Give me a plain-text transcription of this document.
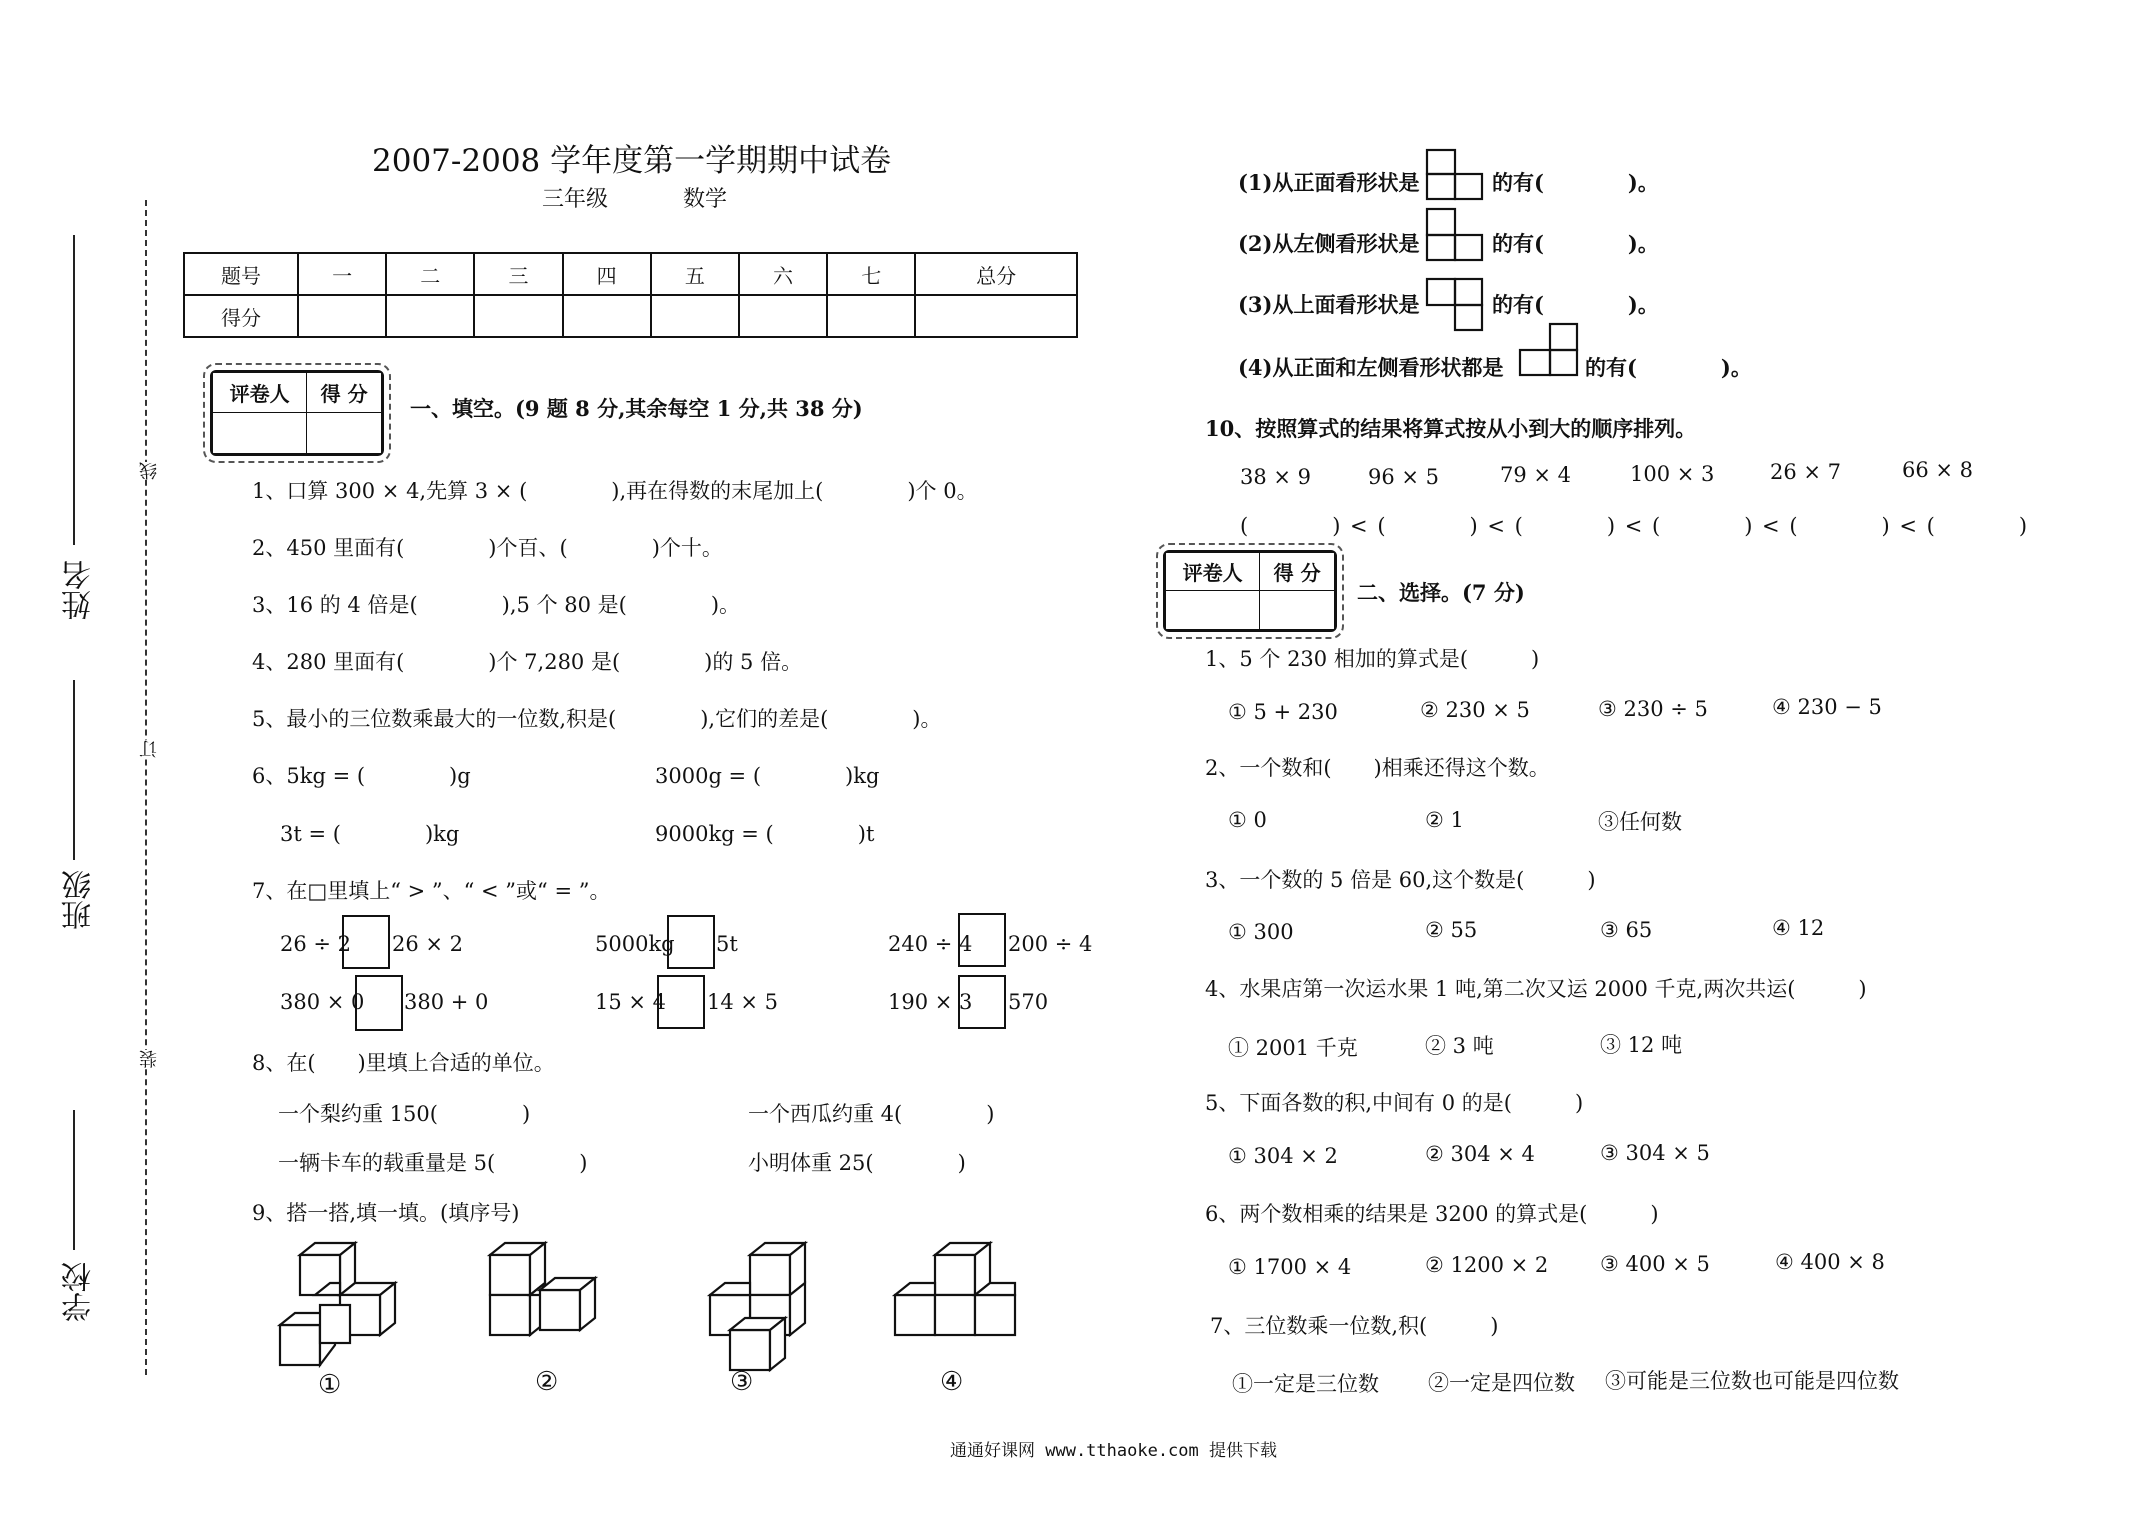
学校
班级
姓名
线
订
装
2007-2008 学年度第一学期期中试卷
三年级	数学
题号	一	二	三	四	五	六	七	总分
得分								
评卷人	得 分

一、填空。(9 题 8 分,其余每空 1 分,共 38 分)
1、口算 300 × 4,先算 3 × (　　　　),再在得数的末尾加上(　　　　)个 0。
2、450 里面有(　　　　)个百、(　　　　)个十。
3、16 的 4 倍是(　　　　),5 个 80 是(　　　　)。
4、280 里面有(　　　　)个 7,280 是(　　　　)的 5 倍。
5、最小的三位数乘最大的一位数,积是(　　　　),它们的差是(　　　　)。
6、5kg = (　　　　)g	3000g = (　　　　)kg
3t = (　　　　)kg	9000kg = (　　　　)t
7、在□里填上“ > ”、“ < ”或“ = ”。
26 ÷ 2 26 × 2	5000kg 5t	240 ÷ 4 200 ÷ 4
380 × 0 380 + 0	15 × 4 14 × 5	190 × 3 570
8、在(　　)里填上合适的单位。
一个梨约重 150(　　　　)	一个西瓜约重 4(　　　　)
一辆卡车的载重量是 5(　　　　)	小明体重 25(　　　　)
9、搭一搭,填一填。(填序号)
①	②	③	④
(1)从正面看形状是	的有(　　　　)。
(2)从左侧看形状是	的有(　　　　)。
(3)从上面看形状是	的有(　　　　)。
(4)从正面和左侧看形状都是	的有(　　　　)。
10、按照算式的结果将算式按从小到大的顺序排列。
38 × 9	96 × 5	79 × 4	100 × 3	26 × 7	66 × 8
(　　　　) < (　　　　) < (　　　　) < (　　　　) < (　　　　) < (　　　　)
评卷人	得 分

二、选择。(7 分)
1、5 个 230 相加的算式是(　　　)
① 5 + 230	② 230 × 5	③ 230 ÷ 5	④ 230 − 5
2、一个数和(　　)相乘还得这个数。
① 0	② 1	③任何数
3、一个数的 5 倍是 60,这个数是(　　　)
① 300	② 55	③ 65	④ 12
4、水果店第一次运水果 1 吨,第二次又运 2000 千克,两次共运(　　　)
① 2001 千克	② 3 吨	③ 12 吨
5、下面各数的积,中间有 0 的是(　　　)
① 304 × 2	② 304 × 4	③ 304 × 5
6、两个数相乘的结果是 3200 的算式是(　　　)
① 1700 × 4	② 1200 × 2 ③ 400 × 5	④ 400 × 8
7、三位数乘一位数,积(　　　)
①一定是三位数 ②一定是四位数 ③可能是三位数也可能是四位数
通通好课网 www.tthaoke.com 提供下载
